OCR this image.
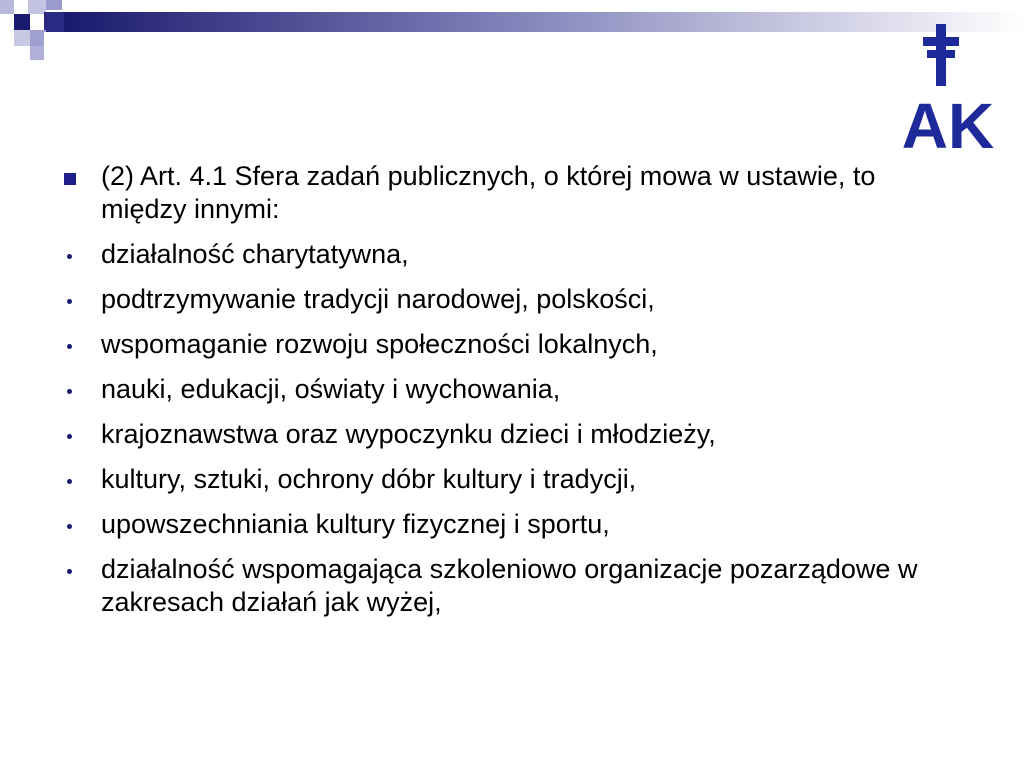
AK
(2) Art. 4.1 Sfera zadań publicznych, o której mowa w ustawie, to między innymi:
działalność charytatywna,
podtrzymywanie tradycji narodowej, polskości,
wspomaganie rozwoju społeczności lokalnych,
nauki, edukacji, oświaty i wychowania,
krajoznawstwa oraz wypoczynku dzieci i młodzieży,
kultury, sztuki, ochrony dóbr kultury i tradycji,
upowszechniania kultury fizycznej i sportu,
działalność wspomagająca szkoleniowo organizacje pozarządowe w zakresach działań jak wyżej,
